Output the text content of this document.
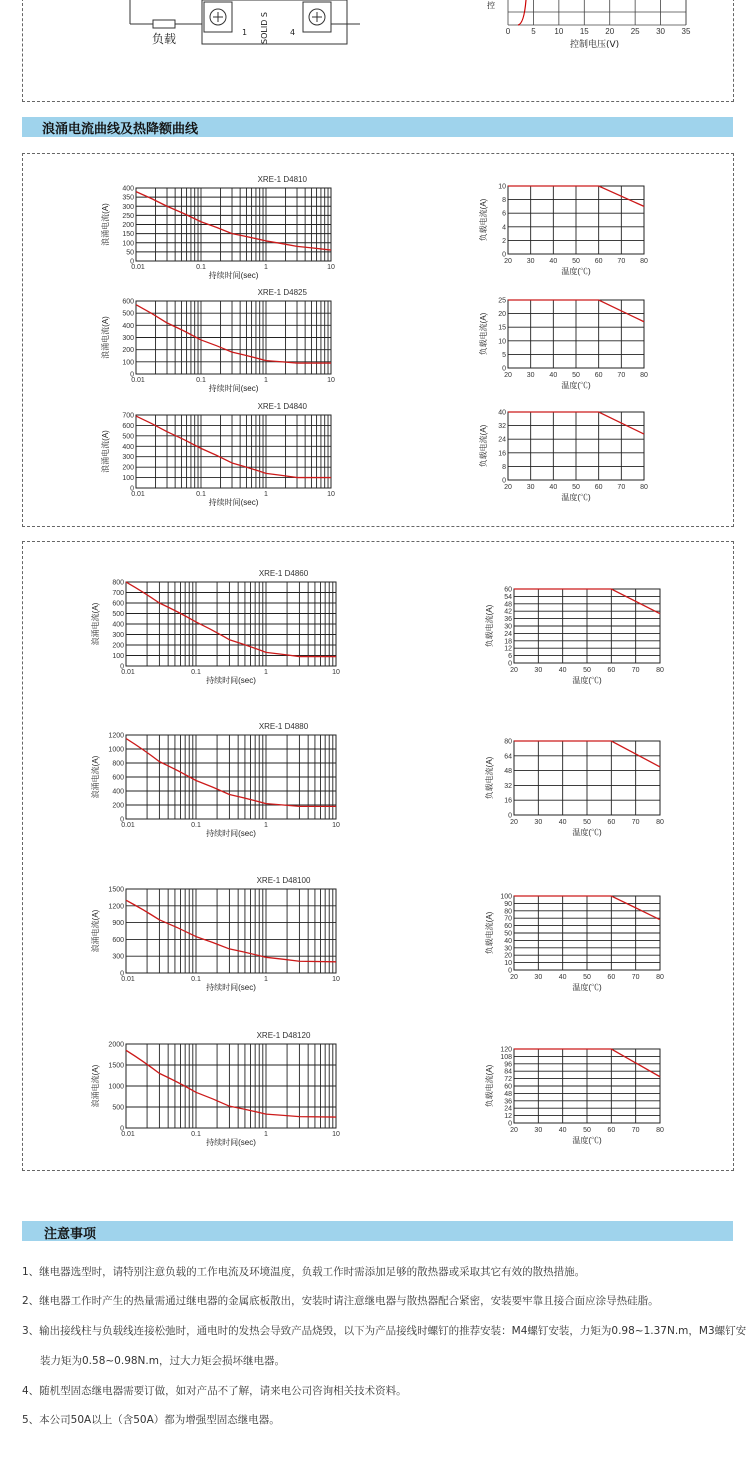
负载	1 SOLID S	4	0	5 10 15 20 25 30 35
控
控制电压(V)
浪涌电流曲线及热降额曲线
0
50
100
150
200
250
300
350
400
0.01	0.1	1	10
持续时间(sec)
浪涌电流(A)
XRE-1 D4810
0
100
200
300
400
500
600
0.01	0.1	1	10
持续时间(sec)
浪涌电流(A)
XRE-1 D4825
0
100
200
300
400
500
600
700
0.01	0.1	1	10
持续时间(sec)
浪涌电流(A)
XRE-1 D4840
0
2
4
6
8
10
20 30 40 50 60 70 80
温度(℃)
负载电流(A)
0
5
10
15
20
25
20 30 40 50 60 70 80
温度(℃)
负载电流(A)
0
8
16
24
32
40
20 30 40 50 60 70 80
温度(℃)
负载电流(A)
0
100
200
300
400
500
600
700
800
0.01	0.1	1	10
持续时间(sec)
浪涌电流(A)
XRE-1 D4860
0
200
400
600
800
1000
1200
0.01	0.1	1	10
持续时间(sec)
浪涌电流(A)
XRE-1 D4880
0
300
600
900
1200
1500
0.01	0.1	1	10
持续时间(sec)
浪涌电流(A)
XRE-1 D48100
0
500
1000
1500
2000
0.01	0.1	1	10
持续时间(sec)
浪涌电流(A)
XRE-1 D48120
0
6
12
18
24
30
36
42
48
54
60
20 30 40 50 60 70 80
温度(℃)
负载电流(A)
0
16
32
48
64
80
20 30 40 50 60 70 80
温度(℃)
负载电流(A)
0
10
20
30
40
50
60
70
80
90
100
20 30 40 50 60 70 80
温度(℃)
负载电流(A)
0
12
24
36
48
60
72
84
96
108
120
20 30 40 50 60 70 80
温度(℃)
负载电流(A)
注意事项
1、继电器选型时，请特别注意负载的工作电流及环境温度，负载工作时需添加足够的散热器或采取其它有效的散热措施。
2、继电器工作时产生的热量需通过继电器的金属底板散出，安装时请注意继电器与散热器配合紧密，安装要牢靠且接合面应涂导热硅脂。
3、输出接线柱与负载线连接松弛时，通电时的发热会导致产品烧毁，以下为产品接线时螺钉的推荐安装：M4螺钉安装，力矩为0.98~1.37N.m，M3螺钉安
装力矩为0.58~0.98N.m，过大力矩会损坏继电器。
4、随机型固态继电器需要订做，如对产品不了解，请来电公司咨询相关技术资料。
5、本公司50A以上（含50A）都为增强型固态继电器。
